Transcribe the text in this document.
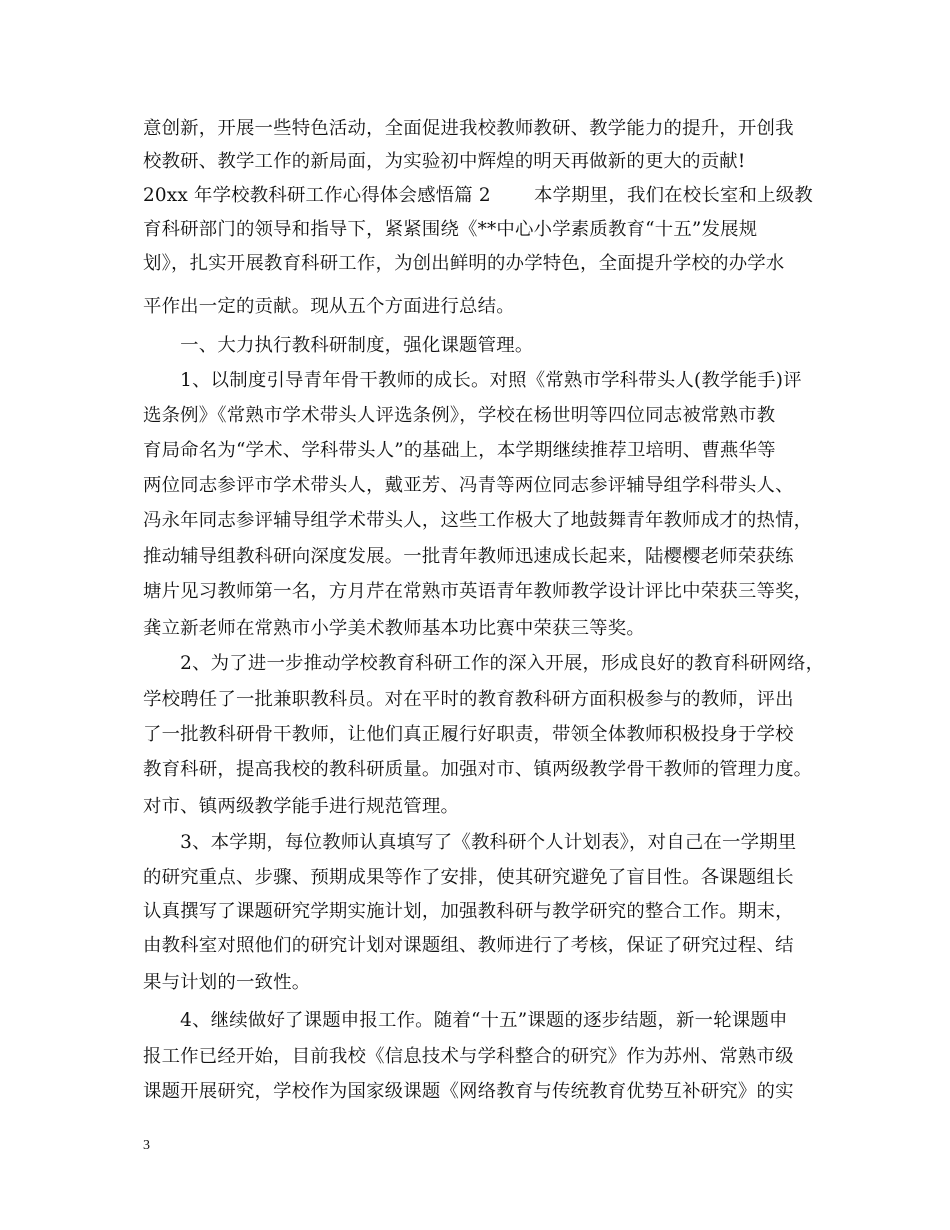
意创新，开展一些特色活动，全面促进我校教师教研、教学能力的提升，开创我
校教研、教学工作的新局面，为实验初中辉煌的明天再做新的更大的贡献!
20xx 年学校教科研工作心得体会感悟篇 2　　 本学期里，我们在校长室和上级教
育科研部门的领导和指导下，紧紧围绕《**中心小学素质教育“十五”发展规
划》，扎实开展教育科研工作，为创出鲜明的办学特色，全面提升学校的办学水
平作出一定的贡献。现从五个方面进行总结。
　　一、大力执行教科研制度，强化课题管理。
　　1、以制度引导青年骨干教师的成长。对照《常熟市学科带头人(教学能手)评
选条例》《常熟市学术带头人评选条例》，学校在杨世明等四位同志被常熟市教
育局命名为“学术、学科带头人”的基础上，本学期继续推荐卫培明、曹燕华等
两位同志参评市学术带头人，戴亚芳、冯青等两位同志参评辅导组学科带头人、
冯永年同志参评辅导组学术带头人，这些工作极大了地鼓舞青年教师成才的热情，
推动辅导组教科研向深度发展。一批青年教师迅速成长起来，陆樱樱老师荣获练
塘片见习教师第一名，方月芹在常熟市英语青年教师教学设计评比中荣获三等奖，
龚立新老师在常熟市小学美术教师基本功比赛中荣获三等奖。
　　2、为了进一步推动学校教育科研工作的深入开展，形成良好的教育科研网络，
学校聘任了一批兼职教科员。对在平时的教育教科研方面积极参与的教师，评出
了一批教科研骨干教师，让他们真正履行好职责，带领全体教师积极投身于学校
教育科研，提高我校的教科研质量。加强对市、镇两级教学骨干教师的管理力度。
对市、镇两级教学能手进行规范管理。
　　3、本学期，每位教师认真填写了《教科研个人计划表》，对自己在一学期里
的研究重点、步骤、预期成果等作了安排，使其研究避免了盲目性。各课题组长
认真撰写了课题研究学期实施计划，加强教科研与教学研究的整合工作。期末，
由教科室对照他们的研究计划对课题组、教师进行了考核，保证了研究过程、结
果与计划的一致性。
　　4、继续做好了课题申报工作。随着“十五”课题的逐步结题，新一轮课题申
报工作已经开始，目前我校《信息技术与学科整合的研究》作为苏州、常熟市级
课题开展研究，学校作为国家级课题《网络教育与传统教育优势互补研究》的实
3
